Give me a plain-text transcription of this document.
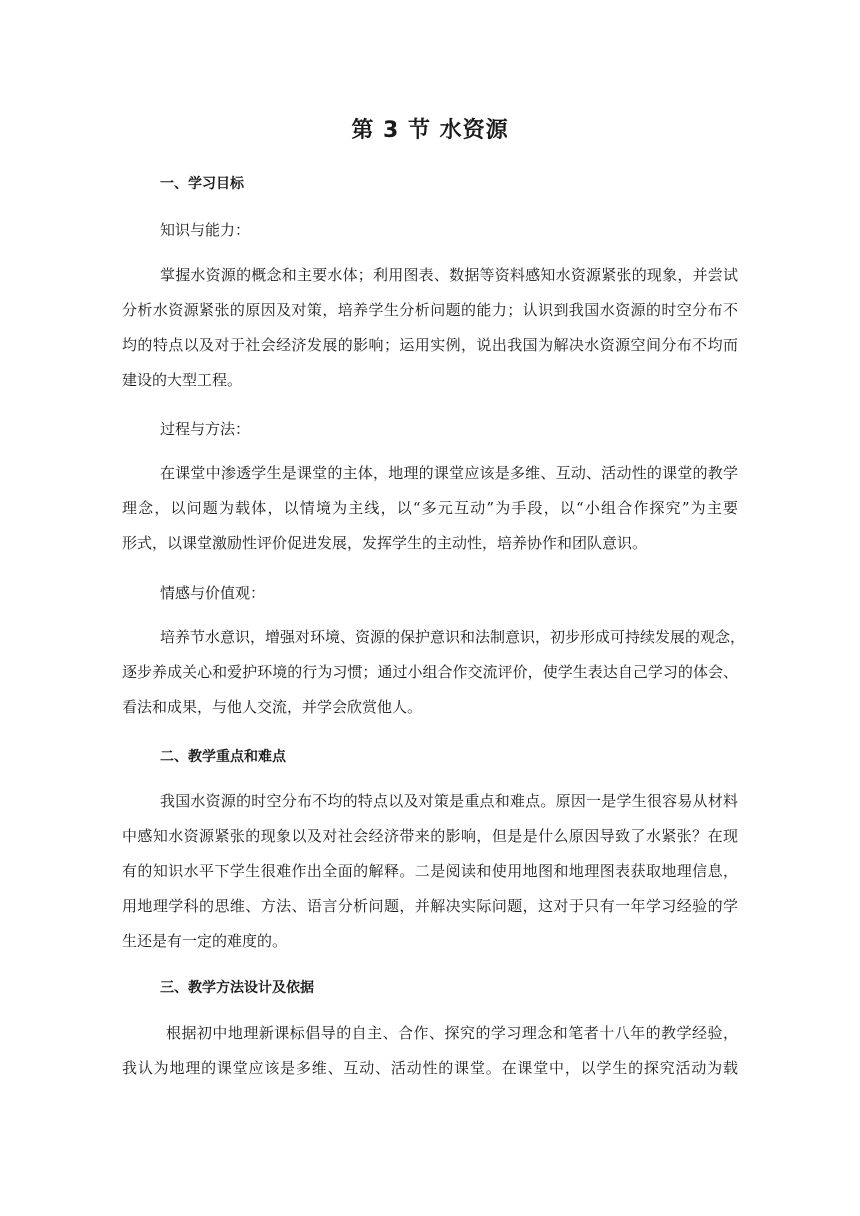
第 3 节 水资源
一、学习目标
知识与能力：
掌握水资源的概念和主要水体；利用图表、数据等资料感知水资源紧张的现象，并尝试
分析水资源紧张的原因及对策，培养学生分析问题的能力；认识到我国水资源的时空分布不
均的特点以及对于社会经济发展的影响；运用实例，说出我国为解决水资源空间分布不均而
建设的大型工程。
过程与方法：
在课堂中渗透学生是课堂的主体，地理的课堂应该是多维、互动、活动性的课堂的教学
理念，以问题为载体，以情境为主线，以“多元互动”为手段，以“小组合作探究”为主要
形式，以课堂激励性评价促进发展，发挥学生的主动性，培养协作和团队意识。
情感与价值观：
培养节水意识，增强对环境、资源的保护意识和法制意识，初步形成可持续发展的观念，
逐步养成关心和爱护环境的行为习惯；通过小组合作交流评价，使学生表达自己学习的体会、
看法和成果，与他人交流，并学会欣赏他人。
二、教学重点和难点
我国水资源的时空分布不均的特点以及对策是重点和难点。原因一是学生很容易从材料
中感知水资源紧张的现象以及对社会经济带来的影响，但是是什么原因导致了水紧张？在现
有的知识水平下学生很难作出全面的解释。二是阅读和使用地图和地理图表获取地理信息，
用地理学科的思维、方法、语言分析问题，并解决实际问题，这对于只有一年学习经验的学
生还是有一定的难度的。
三、教学方法设计及依据
根据初中地理新课标倡导的自主、合作、探究的学习理念和笔者十八年的教学经验，
我认为地理的课堂应该是多维、互动、活动性的课堂。在课堂中，以学生的探究活动为载
